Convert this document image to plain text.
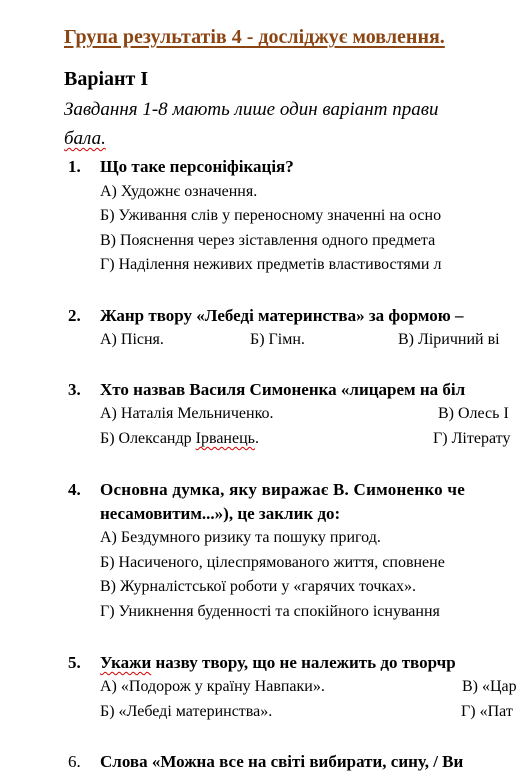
Група результатів 4 - досліджує мовлення.
Варіант І
Завдання 1-8 мають лише один варіант прави
бала.
1. Що таке персоніфікація?
А) Художнє означення.
Б) Уживання слів у переносному значенні на осно
В) Пояснення через зіставлення одного предмета
Г) Наділення неживих предметів властивостями л
2. Жанр твору «Лебеді материнства» за формою –
А) Пісня.	Б) Гімн.	В) Ліричний ві
3. Хто назвав Василя Симоненка «лицарем на біл
А) Наталія Мельниченко.	В) Олесь І
Б) Олександр Ірванець.	Г) Літерату
4. Основна думка, яку виражає В. Симоненко че
несамовитим...»), це заклик до:
А) Бездумного ризику та пошуку пригод.
Б) Насиченого, цілеспрямованого життя, сповнене
В) Журналістської роботи у «гарячих точках».
Г) Уникнення буденності та спокійного існування
5. Укажи назву твору, що не належить до творчр
А) «Подорож у країну Навпаки».	В) «Цар
Б) «Лебеді материнства».	Г) «Пат
6. Слова «Можна все на світі вибирати, сину, / Ви
